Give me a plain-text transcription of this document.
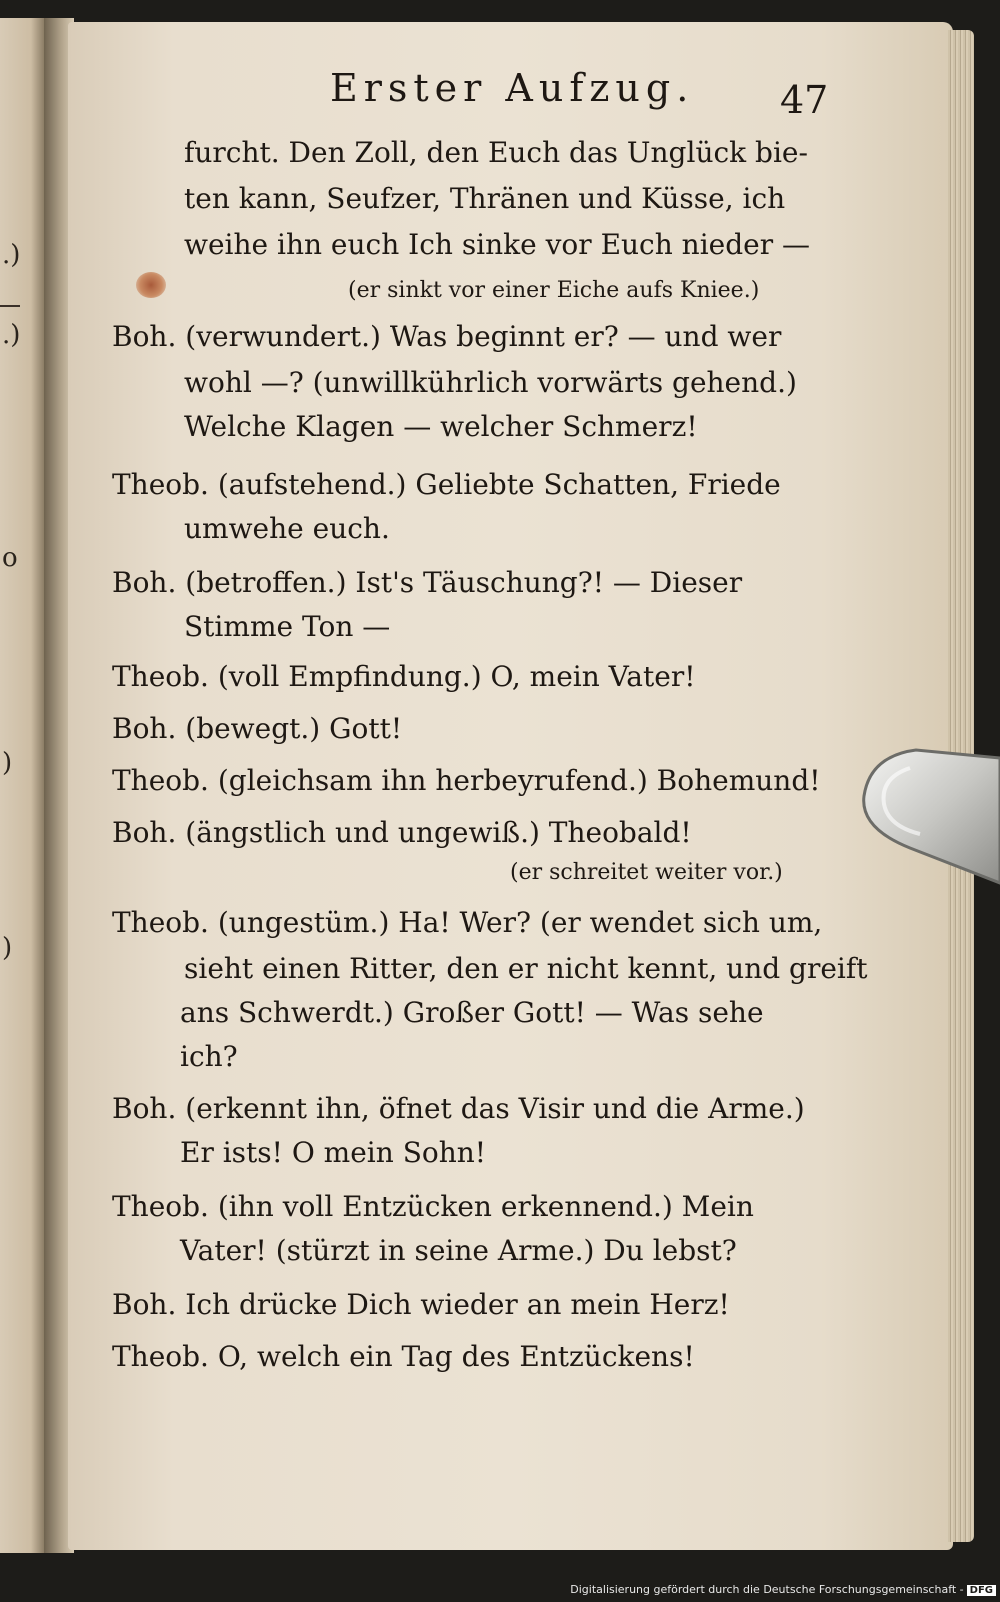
.)
.)
o
)
)
Erster Aufzug. 47
furcht. Den Zoll, den Euch das Unglück bie-
ten kann, Seufzer, Thränen und Küsse, ich
weihe ihn euch Ich sinke vor Euch nieder —
(er sinkt vor einer Eiche aufs Kniee.)
Boh. (verwundert.) Was beginnt er? — und wer
wohl —? (unwillkührlich vorwärts gehend.)
Welche Klagen — welcher Schmerz!
Theob. (aufstehend.) Geliebte Schatten, Friede
umwehe euch.
Boh. (betroffen.) Ist's Täuschung?! — Dieser
Stimme Ton —
Theob. (voll Empfindung.) O, mein Vater!
Boh. (bewegt.) Gott!
Theob. (gleichsam ihn herbeyrufend.) Bohemund!
Boh. (ängstlich und ungewiß.) Theobald!
(er schreitet weiter vor.)
Theob. (ungestüm.) Ha! Wer? (er wendet sich um,
sieht einen Ritter, den er nicht kennt, und greift
ans Schwerdt.) Großer Gott! — Was sehe
ich?
Boh. (erkennt ihn, öfnet das Visir und die Arme.)
Er ists! O mein Sohn!
Theob. (ihn voll Entzücken erkennend.) Mein
Vater! (stürzt in seine Arme.) Du lebst?
Boh. Ich drücke Dich wieder an mein Herz!
Theob. O, welch ein Tag des Entzückens!
Digitalisierung gefördert durch die Deutsche Forschungsgemeinschaft - DFG
